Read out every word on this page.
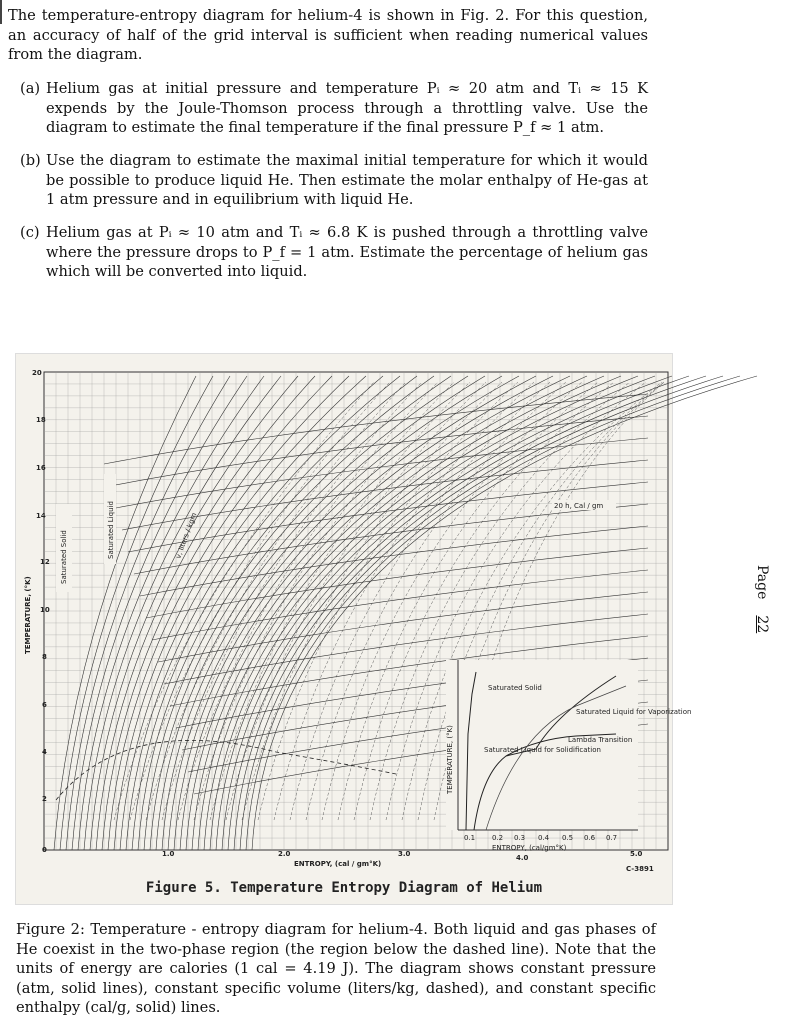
The temperature-entropy diagram for helium-4 is shown in Fig. 2. For this question, an accuracy of half of the grid interval is sufficient when reading numerical values from the diagram.
(a) Helium gas at initial pressure and temperature Pᵢ ≈ 20 atm and Tᵢ ≈ 15 K expends by the Joule-Thomson process through a throttling valve. Use the diagram to estimate the final temperature if the final pressure P_f ≈ 1 atm.
(b) Use the diagram to estimate the maximal initial temperature for which it would be possible to produce liquid He. Then estimate the molar enthalpy of He-gas at 1 atm pressure and in equilibrium with liquid He.
(c) Helium gas at Pᵢ ≈ 10 atm and Tᵢ ≈ 6.8 K is pushed through a throttling valve where the pressure drops to P_f = 1 atm. Estimate the percentage of helium gas which will be converted into liquid.
20
18
16
14
12
10
8
6
4
2
0	1.0	2.0	3.0	5.0
C-3891
ENTROPY, (cal / gm°K)
TEMPERATURE, (°K)
Saturated Solid	Saturated Liquid	v, liters / kgm
20 h, Cal / gm
TEMPERATURE, (°K)
0.1 0.2 0.3 0.4 0.5 0.6 0.7
ENTROPY, (cal/gm°K)
4.0
Saturated Solid
Saturated Liquid for Vaporization
Lambda Transition
Saturated Liquid for Solidification
Figure 5. Temperature Entropy Diagram of Helium
Figure 2: Temperature - entropy diagram for helium-4. Both liquid and gas phases of He coexist in the two-phase region (the region below the dashed line). Note that the units of energy are calories (1 cal = 4.19 J). The diagram shows constant pressure (atm, solid lines), constant specific volume (liters/kg, dashed), and constant specific enthalpy (cal/g, solid) lines.
Page22
